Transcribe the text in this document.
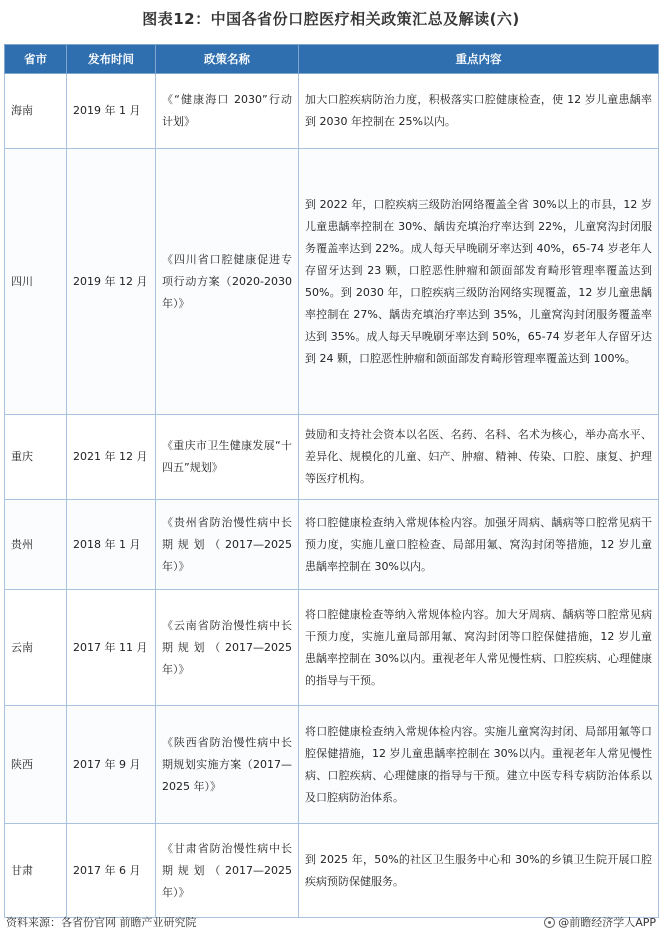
图表12：中国各省份口腔医疗相关政策汇总及解读(六)
省市	发布时间	政策名称	重点内容
海南	2019 年 1 月	《“健康海口 2030”行动计划》	加大口腔疾病防治力度，积极落实口腔健康检查，使 12 岁儿童患龋率到 2030 年控制在 25%以内。
四川	2019 年 12 月	《四川省口腔健康促进专项行动方案（2020-2030 年）》	到 2022 年，口腔疾病三级防治网络覆盖全省 30%以上的市县，12 岁儿童患龋率控制在 30%、龋齿充填治疗率达到 22%，儿童窝沟封闭服务覆盖率达到 22%。成人每天早晚刷牙率达到 40%，65-74 岁老年人存留牙达到 23 颗，口腔恶性肿瘤和颌面部发育畸形管理率覆盖达到 50%。到 2030 年，口腔疾病三级防治网络实现覆盖，12 岁儿童患龋率控制在 27%、龋齿充填治疗率达到 35%，儿童窝沟封闭服务覆盖率达到 35%。成人每天早晚刷牙率达到 50%，65-74 岁老年人存留牙达到 24 颗，口腔恶性肿瘤和颌面部发育畸形管理率覆盖达到 100%。
重庆	2021 年 12 月	《重庆市卫生健康发展“十四五”规划》	鼓励和支持社会资本以名医、名药、名科、名术为核心，举办高水平、差异化、规模化的儿童、妇产、肿瘤、精神、传染、口腔、康复、护理等医疗机构。
贵州	2018 年 1 月	《贵州省防治慢性病中长期规划（2017—2025 年）》	将口腔健康检查纳入常规体检内容。加强牙周病、龋病等口腔常见病干预力度，实施儿童口腔检查、局部用氟、窝沟封闭等措施，12 岁儿童患龋率控制在 30%以内。
云南	2017 年 11 月	《云南省防治慢性病中长期规划（2017—2025 年）》	将口腔健康检查等纳入常规体检内容。加大牙周病、龋病等口腔常见病干预力度，实施儿童局部用氟、窝沟封闭等口腔保健措施，12 岁儿童患龋率控制在 30%以内。重视老年人常见慢性病、口腔疾病、心理健康的指导与干预。
陕西	2017 年 9 月	《陕西省防治慢性病中长期规划实施方案（2017—2025 年）》	将口腔健康检查纳入常规体检内容。实施儿童窝沟封闭、局部用氟等口腔保健措施，12 岁儿童患龋率控制在 30%以内。重视老年人常见慢性病、口腔疾病、心理健康的指导与干预。建立中医专科专病防治体系以及口腔病防治体系。
甘肃	2017 年 6 月	《甘肃省防治慢性病中长期规划（2017—2025 年）》	到 2025 年，50%的社区卫生服务中心和 30%的乡镇卫生院开展口腔疾病预防保健服务。
资料来源：各省份官网 前瞻产业研究院	@前瞻经济学人APP
